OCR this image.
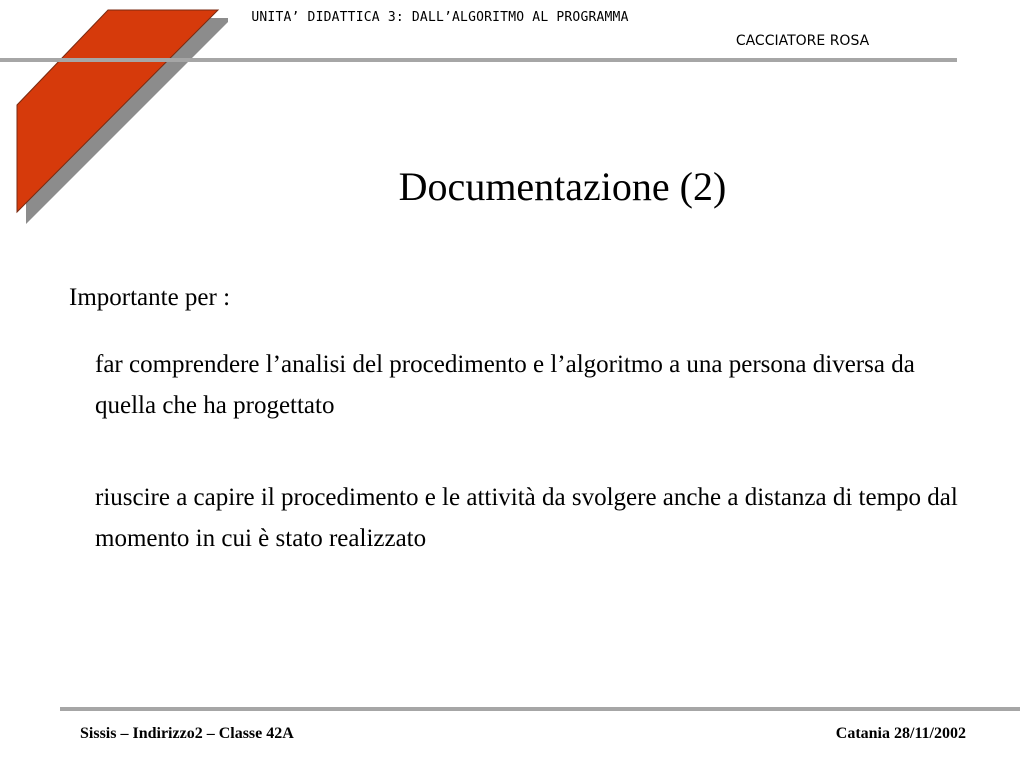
UNITA’ DIDATTICA 3: DALL’ALGORITMO AL PROGRAMMA
CACCIATORE ROSA
Documentazione (2)
Importante per :
far comprendere l’analisi del procedimento e l’algoritmo a una persona diversa da quella che ha progettato
riuscire a capire il procedimento e le attività da svolgere anche a distanza di tempo dal momento in cui è stato realizzato
Sissis – Indirizzo2 – Classe 42A	Catania 28/11/2002
